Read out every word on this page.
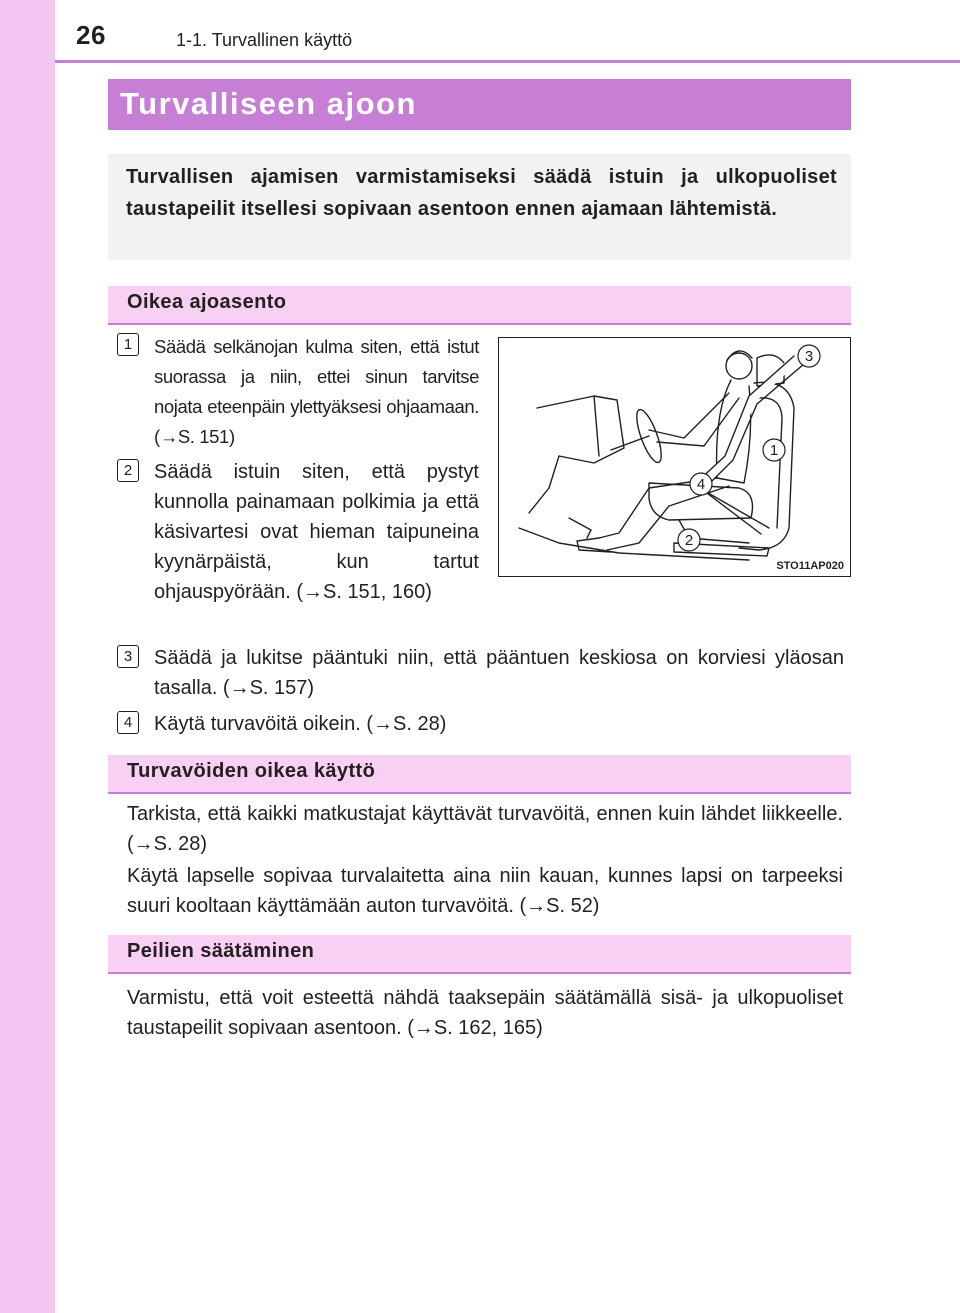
26	1-1. Turvallinen käyttö
Turvalliseen ajoon

Turvallisen ajamisen varmistamiseksi säädä istuin ja ulkopuoliset taustapeilit itsellesi sopivaan asentoon ennen ajamaan lähtemistä.

Oikea ajoasento
1	Säädä selkänojan kulma siten, että istut suorassa ja niin, ettei sinun tarvitse nojata eteenpäin ylettyäksesi ohjaamaan. (→S. 151)

2	Säädä istuin siten, että pystyt kunnolla painamaan polkimia ja että käsivartesi ovat hieman taipuneina kyynärpäistä, kun tartut ohjauspyörään. (→S. 151, 160)

3	Säädä ja lukitse pääntuki niin, että pääntuen keskiosa on korviesi yläosan tasalla. (→S. 157)

4	Käytä turvavöitä oikein. (→S. 28)

3
1
4
2
STO11AP020
Turvavöiden oikea käyttö

Tarkista, että kaikki matkustajat käyttävät turvavöitä, ennen kuin lähdet liikkeelle. (→S. 28)

Käytä lapselle sopivaa turvalaitetta aina niin kauan, kunnes lapsi on tarpeeksi suuri kooltaan käyttämään auton turvavöitä. (→S. 52)

Peilien säätäminen

Varmistu, että voit esteettä nähdä taaksepäin säätämällä sisä- ja ulkopuoliset taustapeilit sopivaan asentoon. (→S. 162, 165)
